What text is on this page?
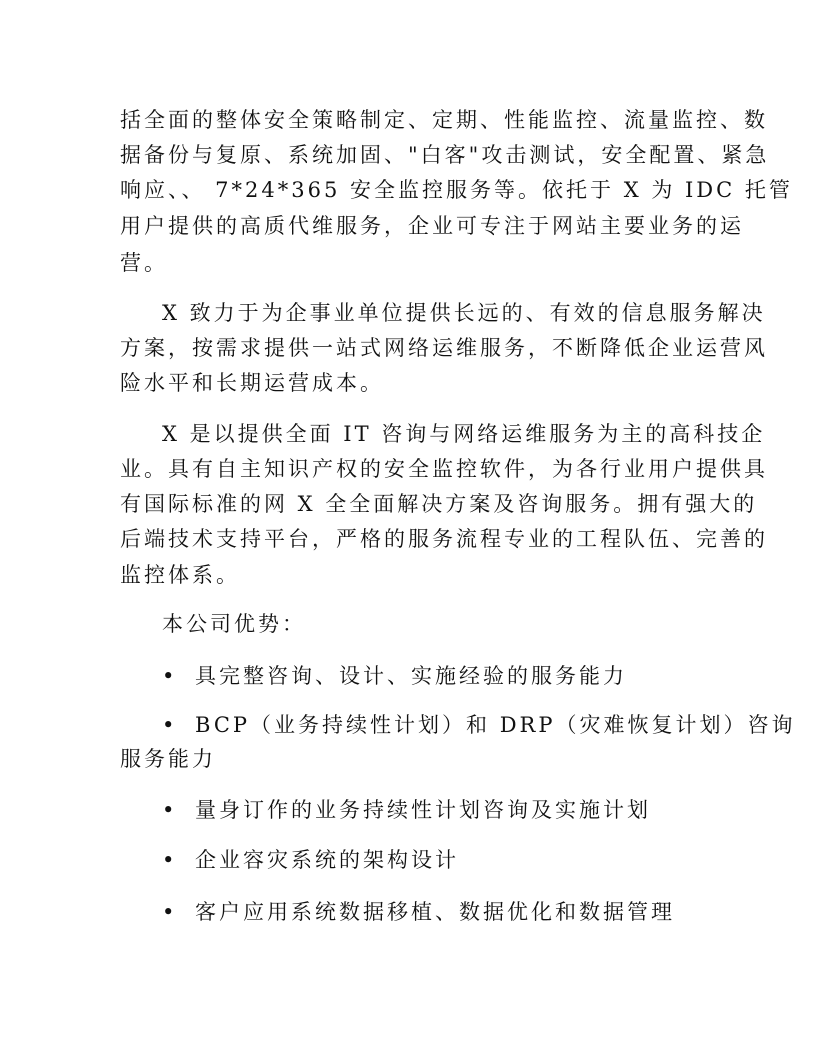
括全面的整体安全策略制定、定期、性能监控、流量监控、数
据备份与复原、系统加固、"白客"攻击测试，安全配置、紧急
响应、、 7*24*365 安全监控服务等。依托于 X 为 IDC 托管
用户提供的高质代维服务，企业可专注于网站主要业务的运
营。
X 致力于为企事业单位提供长远的、有效的信息服务解决
方案，按需求提供一站式网络运维服务，不断降低企业运营风
险水平和长期运营成本。
X 是以提供全面 IT 咨询与网络运维服务为主的高科技企
业。具有自主知识产权的安全监控软件，为各行业用户提供具
有国际标准的网 X 全全面解决方案及咨询服务。拥有强大的
后端技术支持平台，严格的服务流程专业的工程队伍、完善的
监控体系。
本公司优势：
• 具完整咨询、设计、实施经验的服务能力
• BCP（业务持续性计划）和 DRP（灾难恢复计划）咨询
服务能力
• 量身订作的业务持续性计划咨询及实施计划
• 企业容灾系统的架构设计
• 客户应用系统数据移植、数据优化和数据管理
